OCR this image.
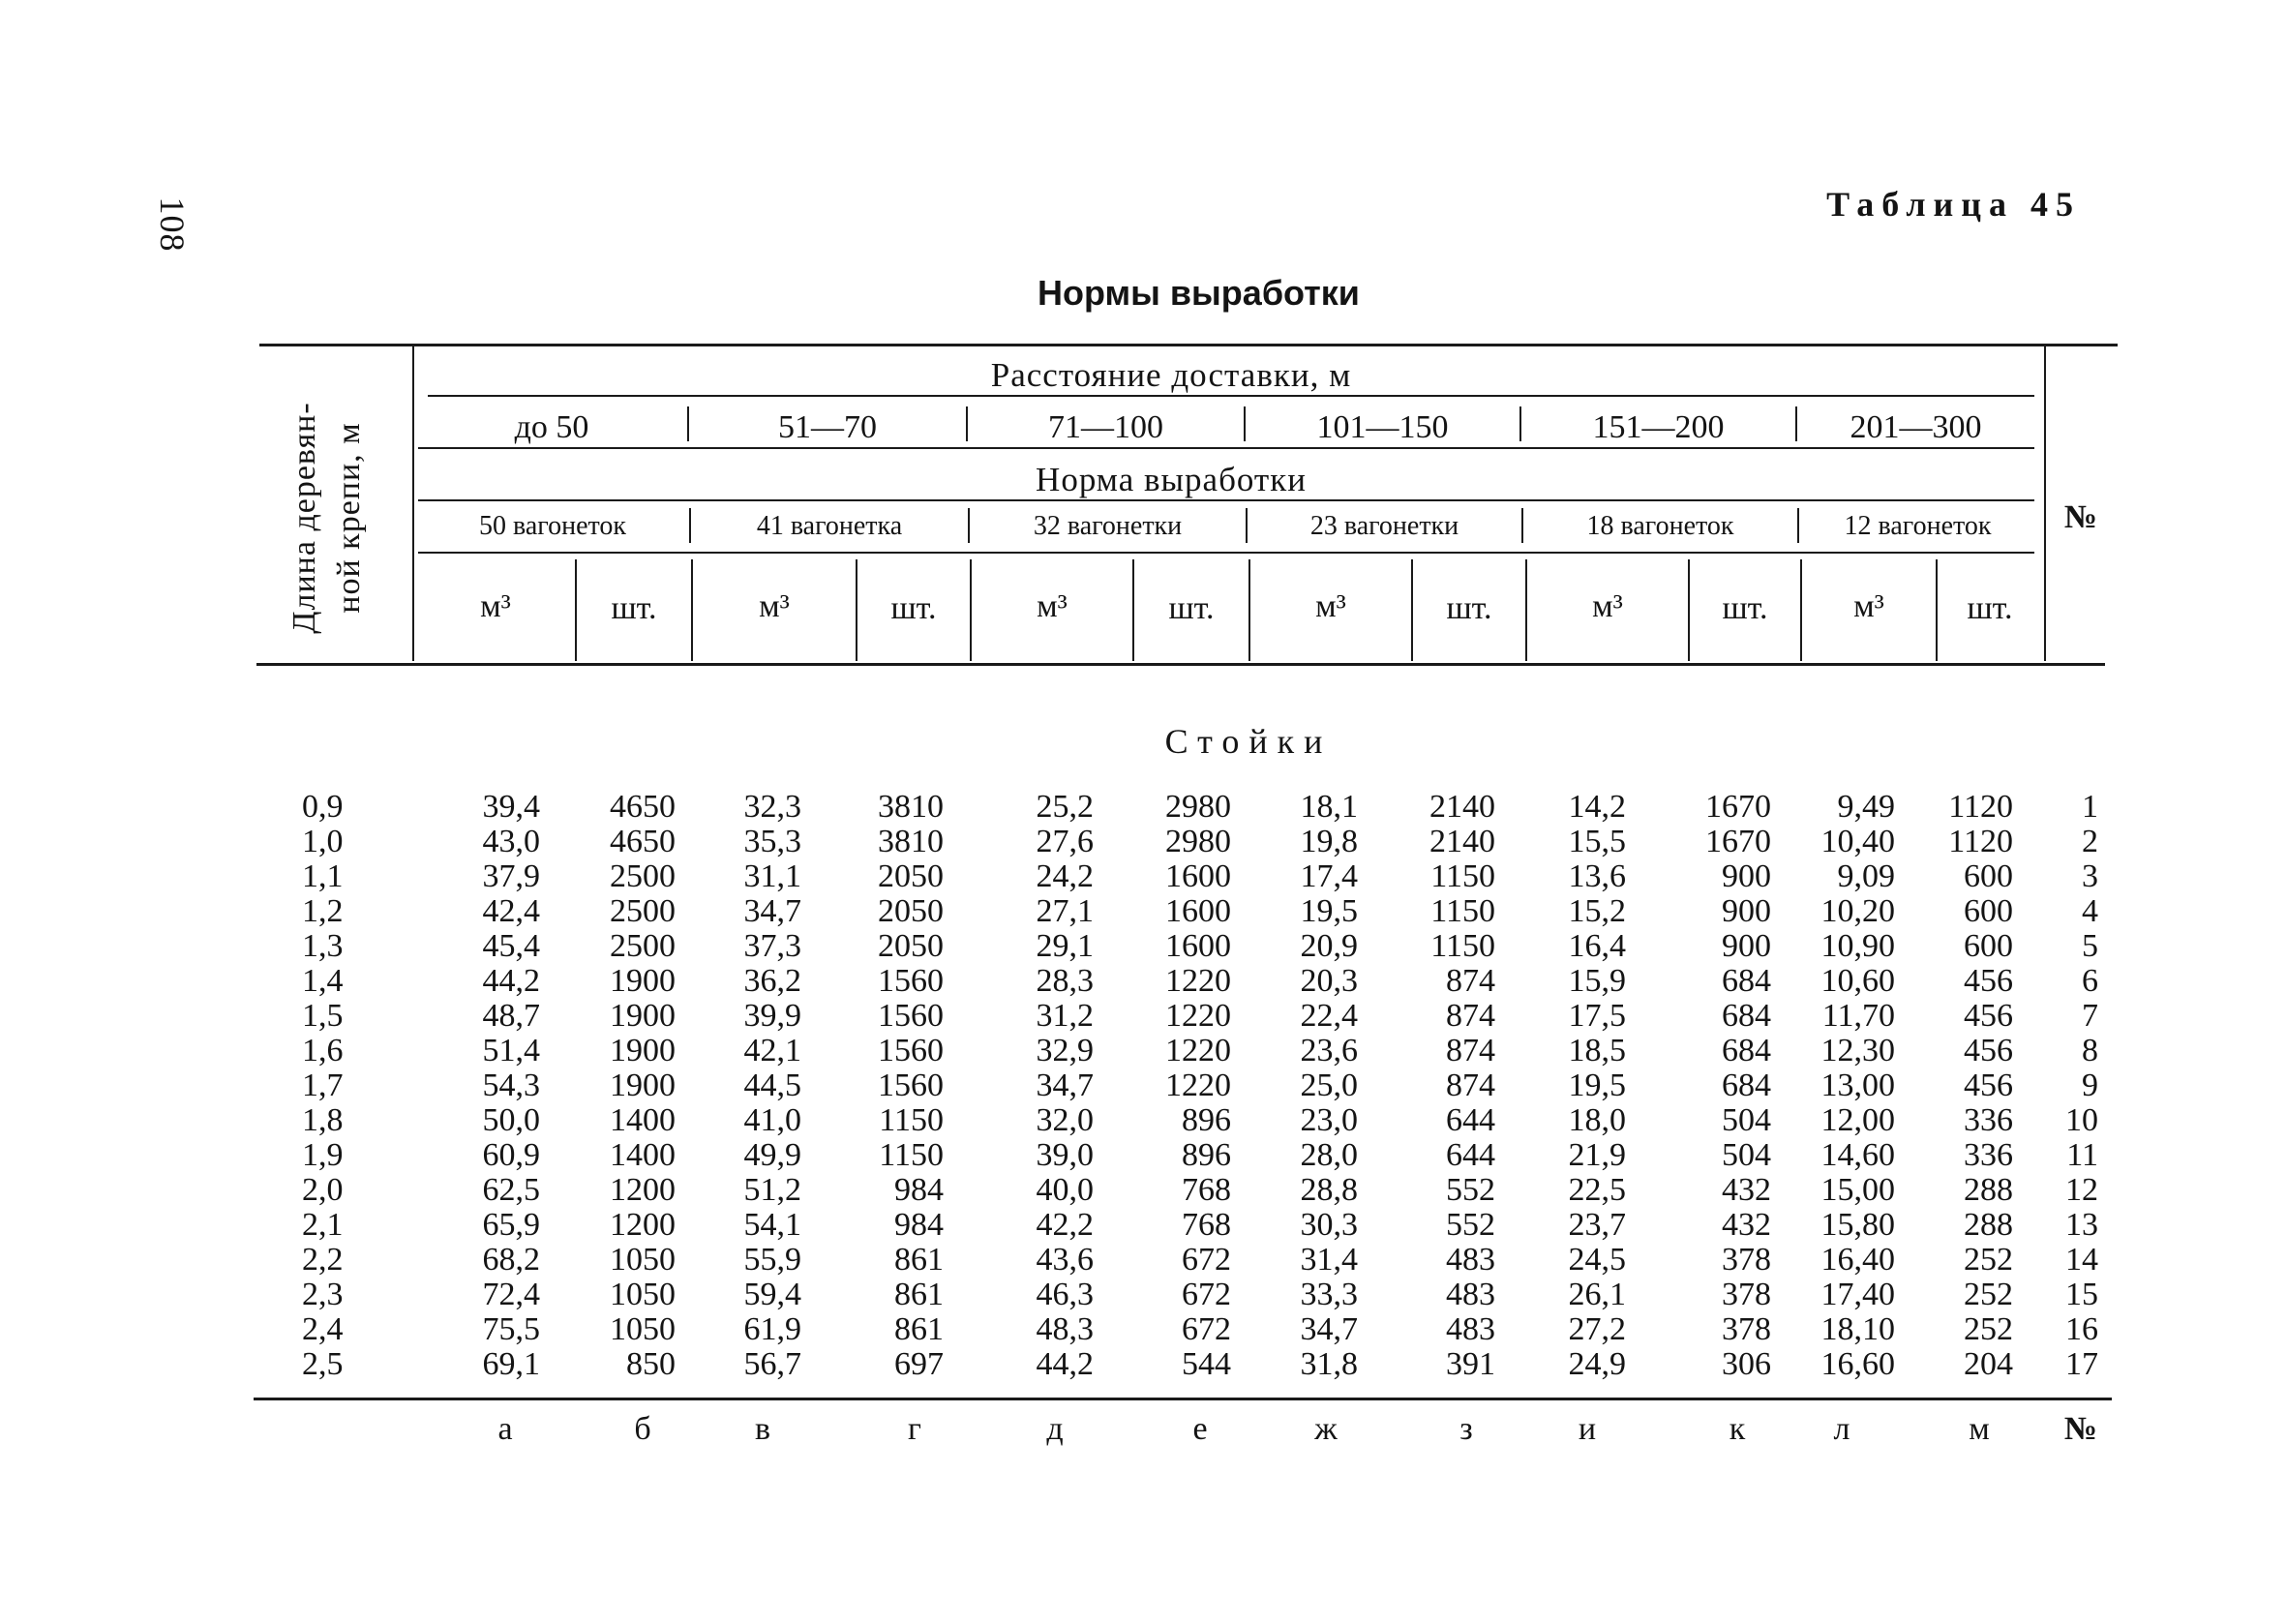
108	Таблица 45
Нормы выработки
Длина деревян- ной крепи, м	№
Расстояние доставки, м
Норма выработки
до 50	51—70	71—100	101—150	151—200	201—300
50 вагонеток	41 вагонетка	32 вагонетки	23 вагонетки	18 вагонеток	12 вагонеток
м³	шт.	м³	шт.	м³	шт.	м³	шт.	м³	шт.	м³	шт.
Стойки
0,9	39,4	4650	32,3	3810	25,2	2980	18,1	2140	14,2	1670	9,49	1120	1
1,0	43,0	4650	35,3	3810	27,6	2980	19,8	2140	15,5	1670	10,40	1120	2
1,1	37,9	2500	31,1	2050	24,2	1600	17,4	1150	13,6	900	9,09	600	3
1,2	42,4	2500	34,7	2050	27,1	1600	19,5	1150	15,2	900	10,20	600	4
1,3	45,4	2500	37,3	2050	29,1	1600	20,9	1150	16,4	900	10,90	600	5
1,4	44,2	1900	36,2	1560	28,3	1220	20,3	874	15,9	684	10,60	456	6
1,5	48,7	1900	39,9	1560	31,2	1220	22,4	874	17,5	684	11,70	456	7
1,6	51,4	1900	42,1	1560	32,9	1220	23,6	874	18,5	684	12,30	456	8
1,7	54,3	1900	44,5	1560	34,7	1220	25,0	874	19,5	684	13,00	456	9
1,8	50,0	1400	41,0	1150	32,0	896	23,0	644	18,0	504	12,00	336	10
1,9	60,9	1400	49,9	1150	39,0	896	28,0	644	21,9	504	14,60	336	11
2,0	62,5	1200	51,2	984	40,0	768	28,8	552	22,5	432	15,00	288	12
2,1	65,9	1200	54,1	984	42,2	768	30,3	552	23,7	432	15,80	288	13
2,2	68,2	1050	55,9	861	43,6	672	31,4	483	24,5	378	16,40	252	14
2,3	72,4	1050	59,4	861	46,3	672	33,3	483	26,1	378	17,40	252	15
2,4	75,5	1050	61,9	861	48,3	672	34,7	483	27,2	378	18,10	252	16
2,5	69,1	850	56,7	697	44,2	544	31,8	391	24,9	306	16,60	204	17
а	б	в	г	д	е	ж	з	и	к	л	м	№
